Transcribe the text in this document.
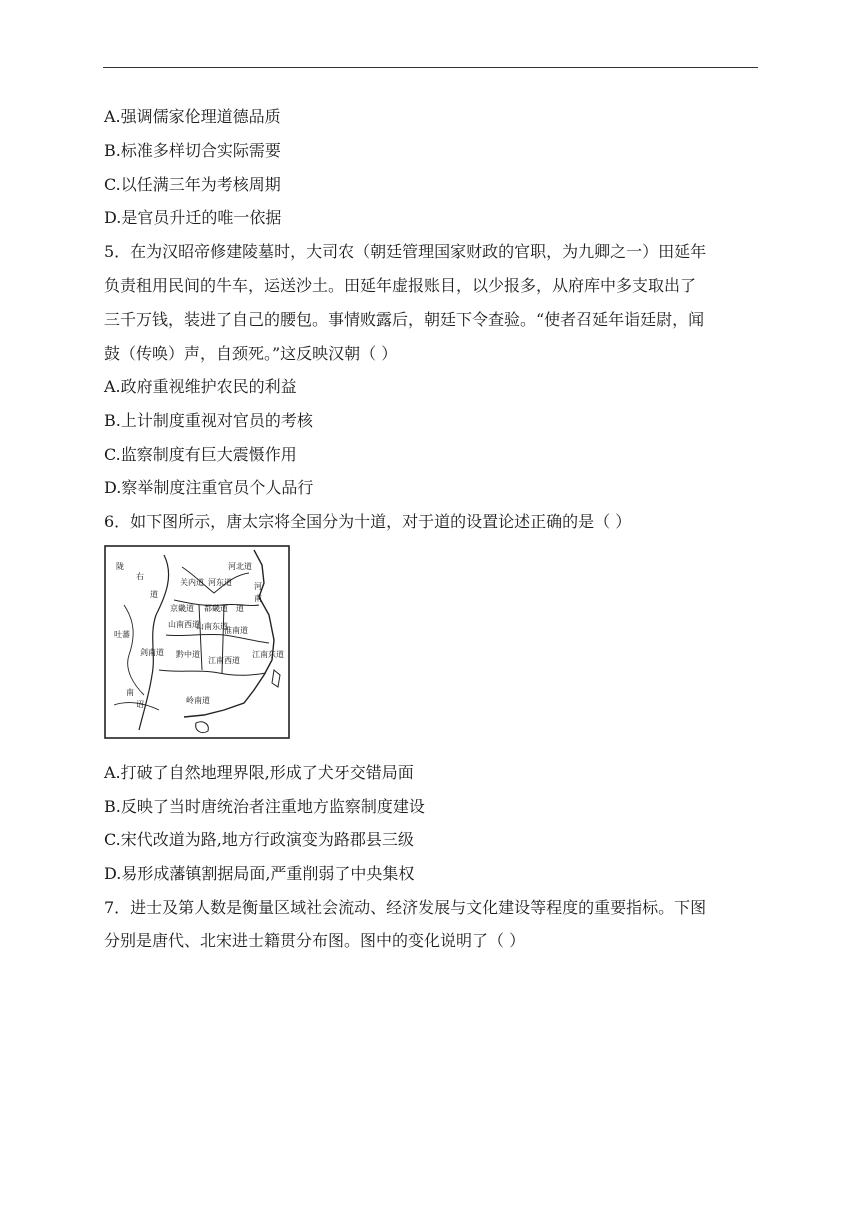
A.强调儒家伦理道德品质
B.标准多样切合实际需要
C.以任满三年为考核周期
D.是官员升迁的唯一依据
5．在为汉昭帝修建陵墓时，大司农（朝廷管理国家财政的官职，为九卿之一）田延年
负责租用民间的牛车，运送沙土。田延年虚报账目，以少报多，从府库中多支取出了
三千万钱，装进了自己的腰包。事情败露后，朝廷下令查验。“使者召延年诣廷尉，闻
鼓（传唤）声，自颈死。”这反映汉朝（ ）
A.政府重视维护农民的利益
B.上计制度重视对官员的考核
C.监察制度有巨大震慑作用
D.察举制度注重官员个人品行
6．如下图所示，唐太宗将全国分为十道，对于道的设置论述正确的是（ ）
陇
右
道
吐蕃
关内道
河北道
河东道	河
南
道
京畿道 都畿道
山南西道
山南东道
淮南道
剑南道 黔中道
江南西道
江南东道
南
诏	岭南道
A.打破了自然地理界限,形成了犬牙交错局面
B.反映了当时唐统治者注重地方监察制度建设
C.宋代改道为路,地方行政演变为路郡县三级
D.易形成藩镇割据局面,严重削弱了中央集权
7．进士及第人数是衡量区域社会流动、经济发展与文化建设等程度的重要指标。下图
分别是唐代、北宋进士籍贯分布图。图中的变化说明了（ ）
